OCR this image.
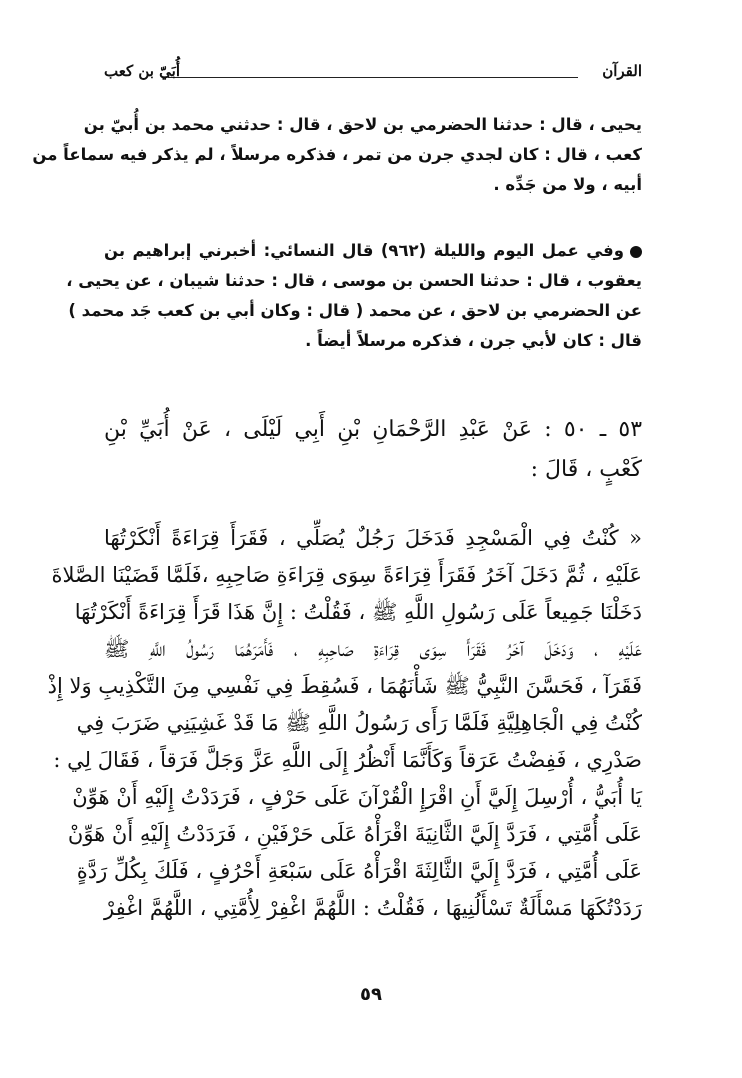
القرآن
أُبَيّ بن كعب
يحيى ، قال : حدثنا الحضرمي بن لاحق ، قال : حدثني محمد بن أُبيّ بن
كعب ، قال : كان لجدي جرن من تمر ، فذكره مرسلاً ، لم يذكر فيه سماعاً من
أبيه ، ولا من جَدِّه .
وفي عمل اليوم والليلة (٩٦٢) قال النسائي: أخبرني إبراهيم بن
يعقوب ، قال : حدثنا الحسن بن موسى ، قال : حدثنا شيبان ، عن يحيى ،
عن الحضرمي بن لاحق ، عن محمد ( قال : وكان أبي بن كعب جَد محمد )
قال : كان لأبي جرن ، فذكره مرسلاً أيضاً .
٥٣ ـ ٥٠ : عَنْ عَبْدِ الرَّحْمَانِ بْنِ أَبِي لَيْلَى ، عَنْ أُبَيِّ بْنِ
كَعْبٍ ، قَالَ :
« كُنْتُ فِي الْمَسْجِدِ فَدَخَلَ رَجُلٌ يُصَلِّي ، فَقَرَأَ قِرَاءَةً أَنْكَرْتُهَا
عَلَيْهِ ، ثُمَّ دَخَلَ آخَرُ فَقَرَأَ قِرَاءَةً سِوَى قِرَاءَةِ صَاحِبِهِ ،فَلَمَّا قَضَيْنَا الصَّلاةَ
دَخَلْنَا جَمِيعاً عَلَى رَسُولِ اللَّهِ ﷺ ، فَقُلْتُ : إِنَّ هَذَا قَرَأَ قِرَاءَةً أَنْكَرْتُهَا
عَلَيْهِ ، وَدَخَلَ آخَرُ فَقَرَأَ سِوَى قِرَاءَةِ صَاحِبِهِ ، فَأَمَرَهُمَا رَسُولُ اللَّهِ ﷺ
فَقَرَآ ، فَحَسَّنَ النَّبِيُّ ﷺ شَأْنَهُمَا ، فَسُقِطَ فِي نَفْسِي مِنَ التَّكْذِيبِ وَلا إِذْ
كُنْتُ فِي الْجَاهِلِيَّةِ فَلَمَّا رَأَى رَسُولُ اللَّهِ ﷺ مَا قَدْ غَشِيَنِي ضَرَبَ فِي
صَدْرِي ، فَفِضْتُ عَرَقاً وَكَأَنَّمَا أَنْظُرُ إِلَى اللَّهِ عَزَّ وَجَلَّ فَرَقاً ، فَقَالَ لِي :
يَا أُبَيُّ ، أُرْسِلَ إِلَيَّ أَنِ اقْرَإِ الْقُرْآنَ عَلَى حَرْفٍ ، فَرَدَدْتُ إِلَيْهِ أَنْ هَوِّنْ
عَلَى أُمَّتِي ، فَرَدَّ إِلَيَّ الثَّانِيَةَ اقْرَأْهُ عَلَى حَرْفَيْنِ ، فَرَدَدْتُ إِلَيْهِ أَنْ هَوِّنْ
عَلَى أُمَّتِي ، فَرَدَّ إِلَيَّ الثَّالِثَةَ اقْرَأْهُ عَلَى سَبْعَةِ أَحْرُفٍ ، فَلَكَ بِكُلِّ رَدَّةٍ
رَدَدْتُكَهَا مَسْأَلَةٌ تَسْأَلُنِيهَا ، فَقُلْتُ : اللَّهُمَّ اغْفِرْ لِأُمَّتِي ، اللَّهُمَّ اغْفِرْ
٥٩
